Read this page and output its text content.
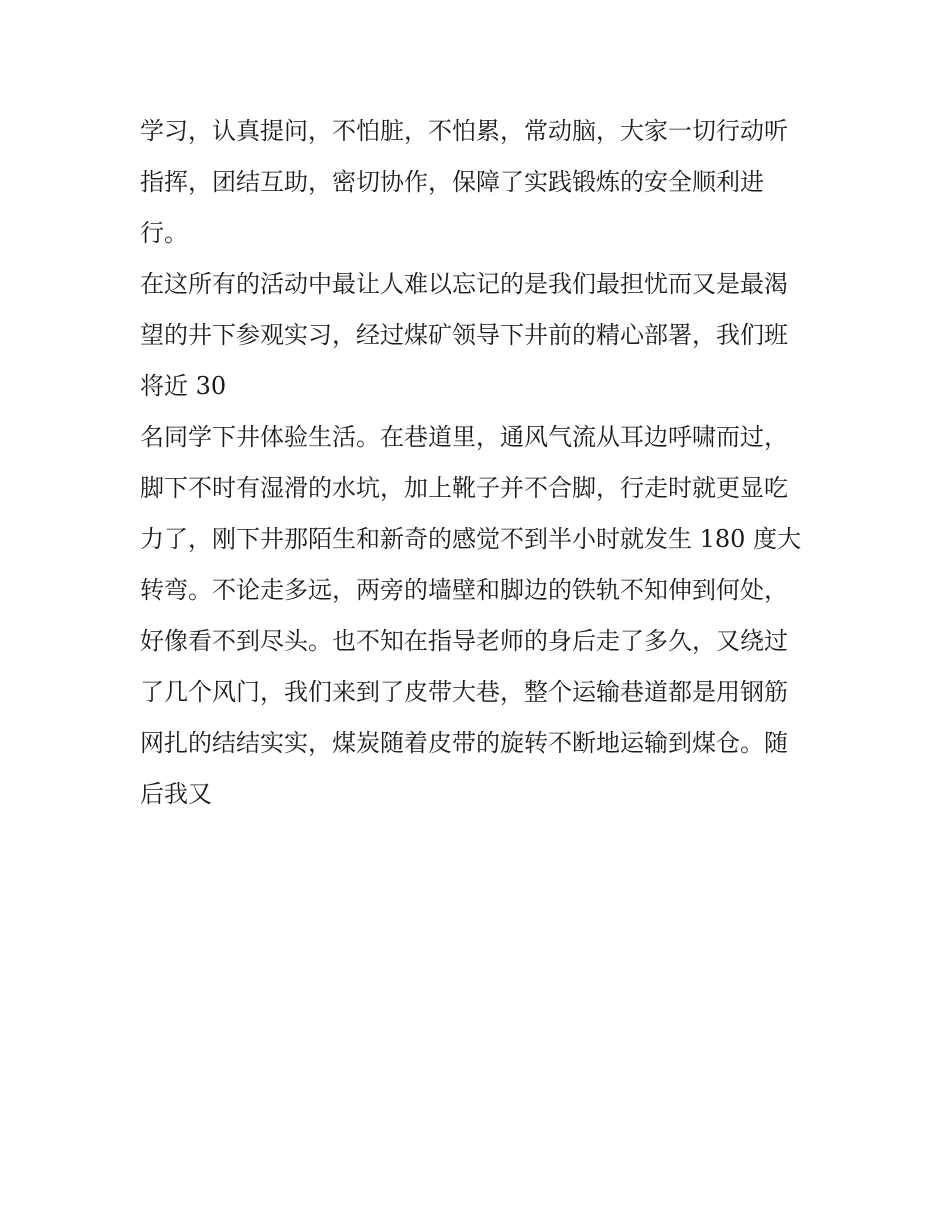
学习，认真提问，不怕脏，不怕累，常动脑，大家一切行动听
指挥，团结互助，密切协作，保障了实践锻炼的安全顺利进
行。
在这所有的活动中最让人难以忘记的是我们最担忧而又是最渴
望的井下参观实习，经过煤矿领导下井前的精心部署，我们班
将近 30
名同学下井体验生活。在巷道里，通风气流从耳边呼啸而过，
脚下不时有湿滑的水坑，加上靴子并不合脚，行走时就更显吃
力了，刚下井那陌生和新奇的感觉不到半小时就发生 180 度大
转弯。不论走多远，两旁的墙壁和脚边的铁轨不知伸到何处，
好像看不到尽头。也不知在指导老师的身后走了多久，又绕过
了几个风门，我们来到了皮带大巷，整个运输巷道都是用钢筋
网扎的结结实实，煤炭随着皮带的旋转不断地运输到煤仓。随
后我又
